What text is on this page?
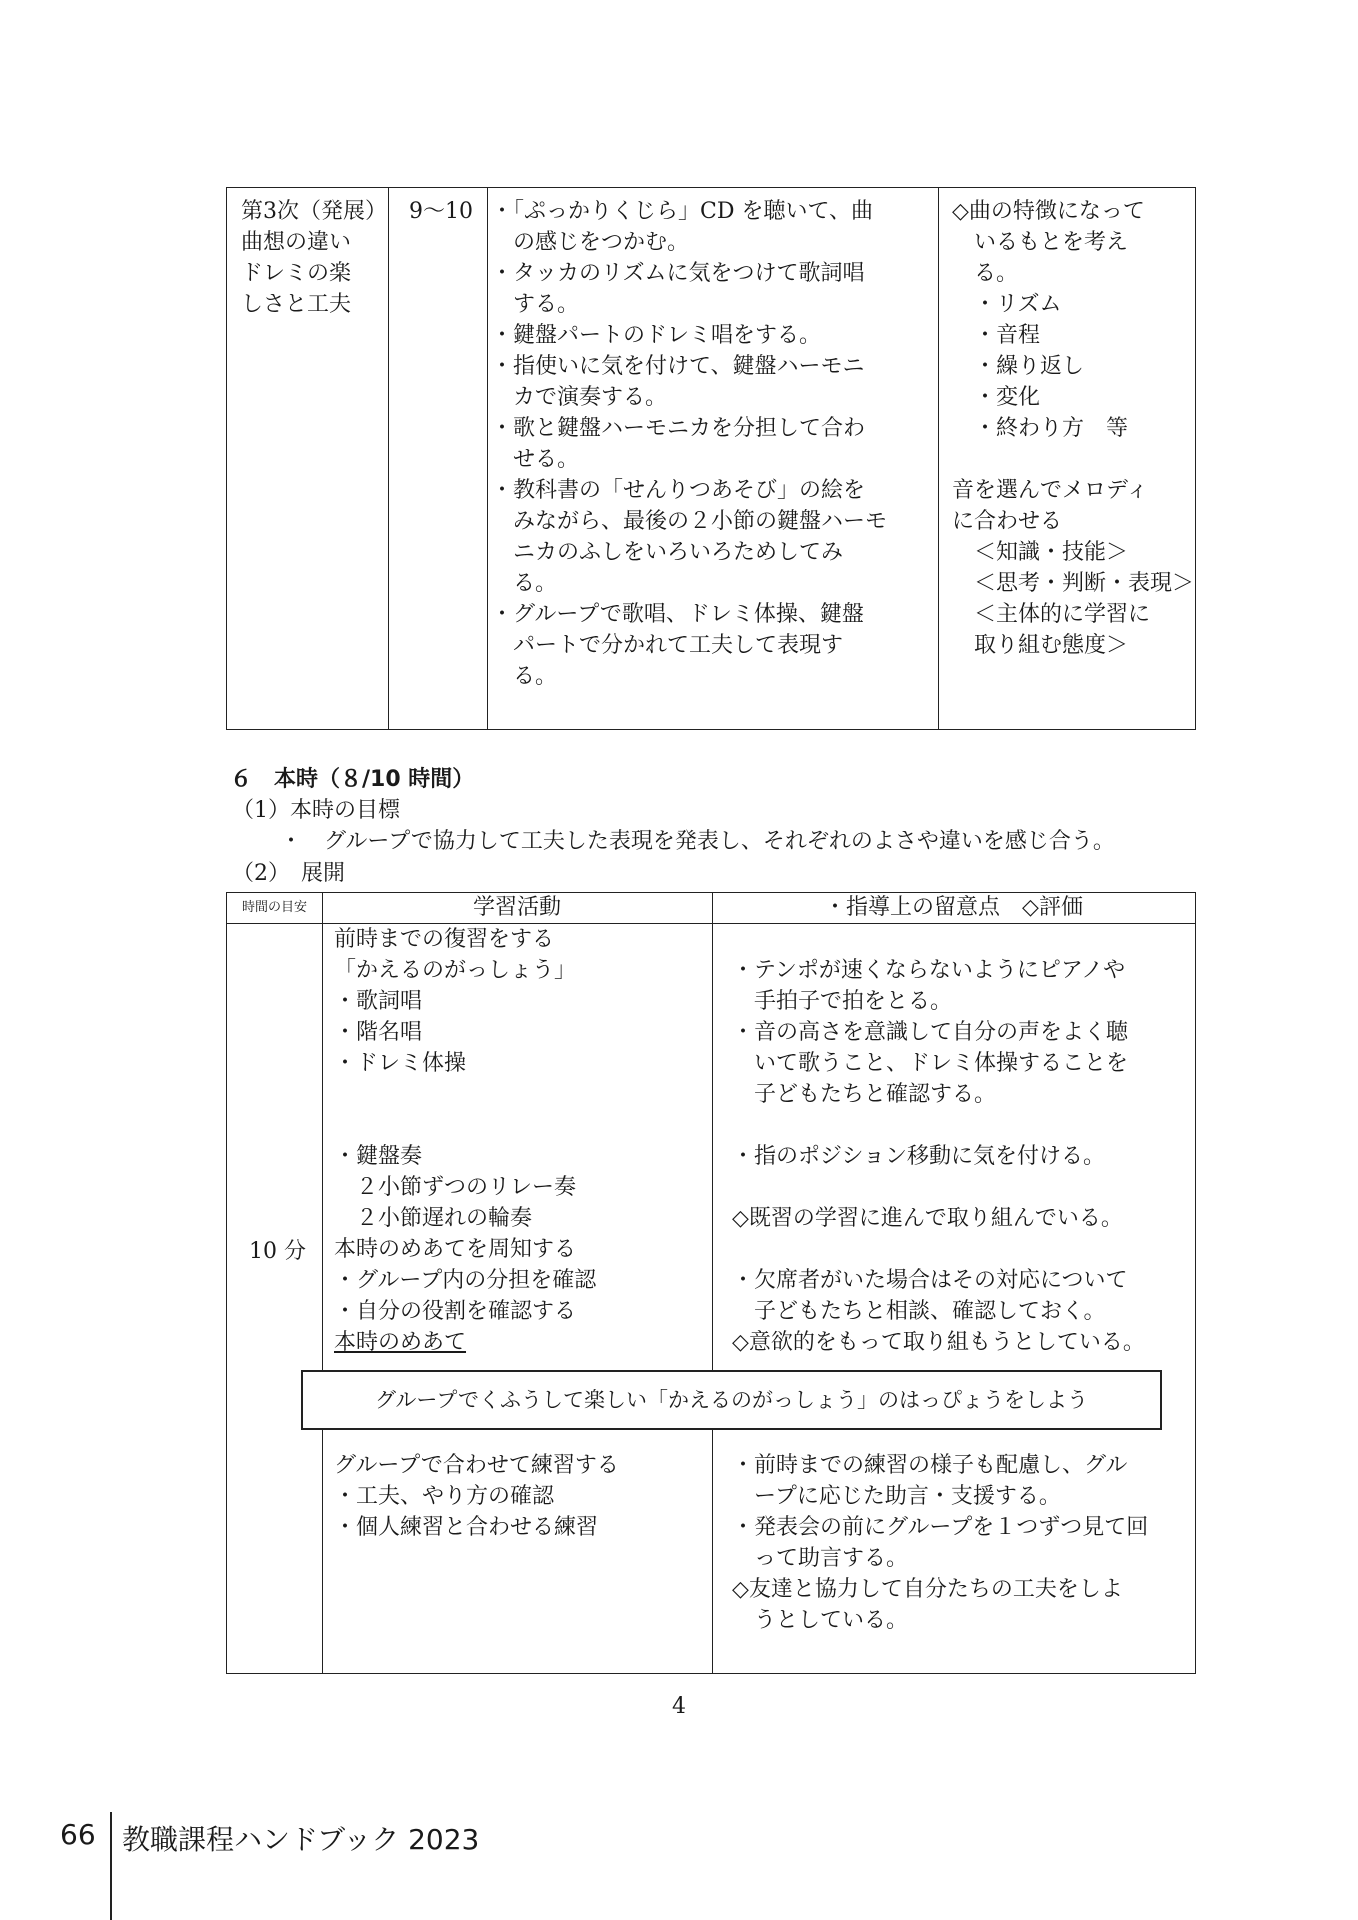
第3次（発展）
曲想の違い
ドレミの楽
しさと工夫
9〜10 ・「ぷっかりくじら」CD を聴いて、曲
　の感じをつかむ。
・タッカのリズムに気をつけて歌詞唱
　する。
・鍵盤パートのドレミ唱をする。
・指使いに気を付けて、鍵盤ハーモニ
　カで演奏する。
・歌と鍵盤ハーモニカを分担して合わ
　せる。
・教科書の「せんりつあそび」の絵を
　みながら、最後の２小節の鍵盤ハーモ
　ニカのふしをいろいろためしてみ
　る。
・グループで歌唱、ドレミ体操、鍵盤
　パートで分かれて工夫して表現す
　る。
◇曲の特徴になって
　いるもとを考え
　る。
　・リズム
　・音程
　・繰り返し
　・変化
　・終わり方　等
音を選んでメロディ
に合わせる
　＜知識・技能＞
　＜思考・判断・表現＞
　＜主体的に学習に
　取り組む態度＞
６　本時（８/10 時間）
（1）本時の目標
・　グループで協力して工夫した表現を発表し、それぞれのよさや違いを感じ合う。
（2）　展開
時間の目安	学習活動	・指導上の留意点　◇評価
10 分
前時までの復習をする
「かえるのがっしょう」
・歌詞唱
・階名唱
・ドレミ体操
・鍵盤奏
　２小節ずつのリレー奏
　２小節遅れの輪奏
本時のめあてを周知する
・グループ内の分担を確認
・自分の役割を確認する
本時のめあて
・テンポが速くならないようにピアノや
　手拍子で拍をとる。
・音の高さを意識して自分の声をよく聴
　いて歌うこと、ドレミ体操することを
　子どもたちと確認する。
・指のポジション移動に気を付ける。
◇既習の学習に進んで取り組んでいる。
・欠席者がいた場合はその対応について
　子どもたちと相談、確認しておく。
◇意欲的をもって取り組もうとしている。
グループで合わせて練習する
・工夫、やり方の確認
・個人練習と合わせる練習
・前時までの練習の様子も配慮し、グル
　ープに応じた助言・支援する。
・発表会の前にグループを１つずつ見て回
　って助言する。
◇友達と協力して自分たちの工夫をしよ
　うとしている。
グループでくふうして楽しい「かえるのがっしょう」のはっぴょうをしよう
4
66 教職課程ハンドブック 2023
